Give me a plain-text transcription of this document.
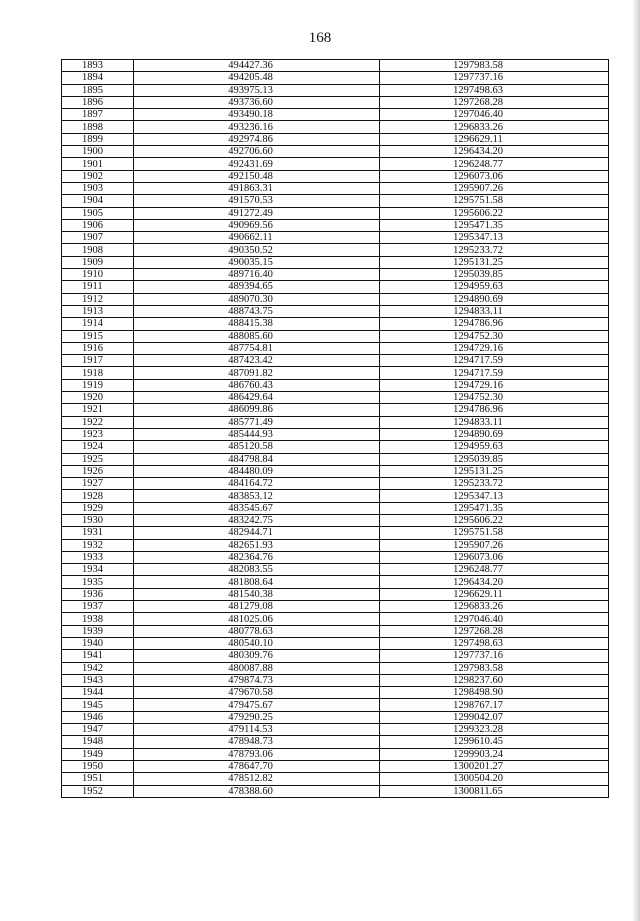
168
1893	494427.36	1297983.58
1894	494205.48	1297737.16
1895	493975.13	1297498.63
1896	493736.60	1297268.28
1897	493490.18	1297046.40
1898	493236.16	1296833.26
1899	492974.86	1296629.11
1900	492706.60	1296434.20
1901	492431.69	1296248.77
1902	492150.48	1296073.06
1903	491863.31	1295907.26
1904	491570.53	1295751.58
1905	491272.49	1295606.22
1906	490969.56	1295471.35
1907	490662.11	1295347.13
1908	490350.52	1295233.72
1909	490035.15	1295131.25
1910	489716.40	1295039.85
1911	489394.65	1294959.63
1912	489070.30	1294890.69
1913	488743.75	1294833.11
1914	488415.38	1294786.96
1915	488085.60	1294752.30
1916	487754.81	1294729.16
1917	487423.42	1294717.59
1918	487091.82	1294717.59
1919	486760.43	1294729.16
1920	486429.64	1294752.30
1921	486099.86	1294786.96
1922	485771.49	1294833.11
1923	485444.93	1294890.69
1924	485120.58	1294959.63
1925	484798.84	1295039.85
1926	484480.09	1295131.25
1927	484164.72	1295233.72
1928	483853.12	1295347.13
1929	483545.67	1295471.35
1930	483242.75	1295606.22
1931	482944.71	1295751.58
1932	482651.93	1295907.26
1933	482364.76	1296073.06
1934	482083.55	1296248.77
1935	481808.64	1296434.20
1936	481540.38	1296629.11
1937	481279.08	1296833.26
1938	481025.06	1297046.40
1939	480778.63	1297268.28
1940	480540.10	1297498.63
1941	480309.76	1297737.16
1942	480087.88	1297983.58
1943	479874.73	1298237.60
1944	479670.58	1298498.90
1945	479475.67	1298767.17
1946	479290.25	1299042.07
1947	479114.53	1299323.28
1948	478948.73	1299610.45
1949	478793.06	1299903.24
1950	478647.70	1300201.27
1951	478512.82	1300504.20
1952	478388.60	1300811.65
